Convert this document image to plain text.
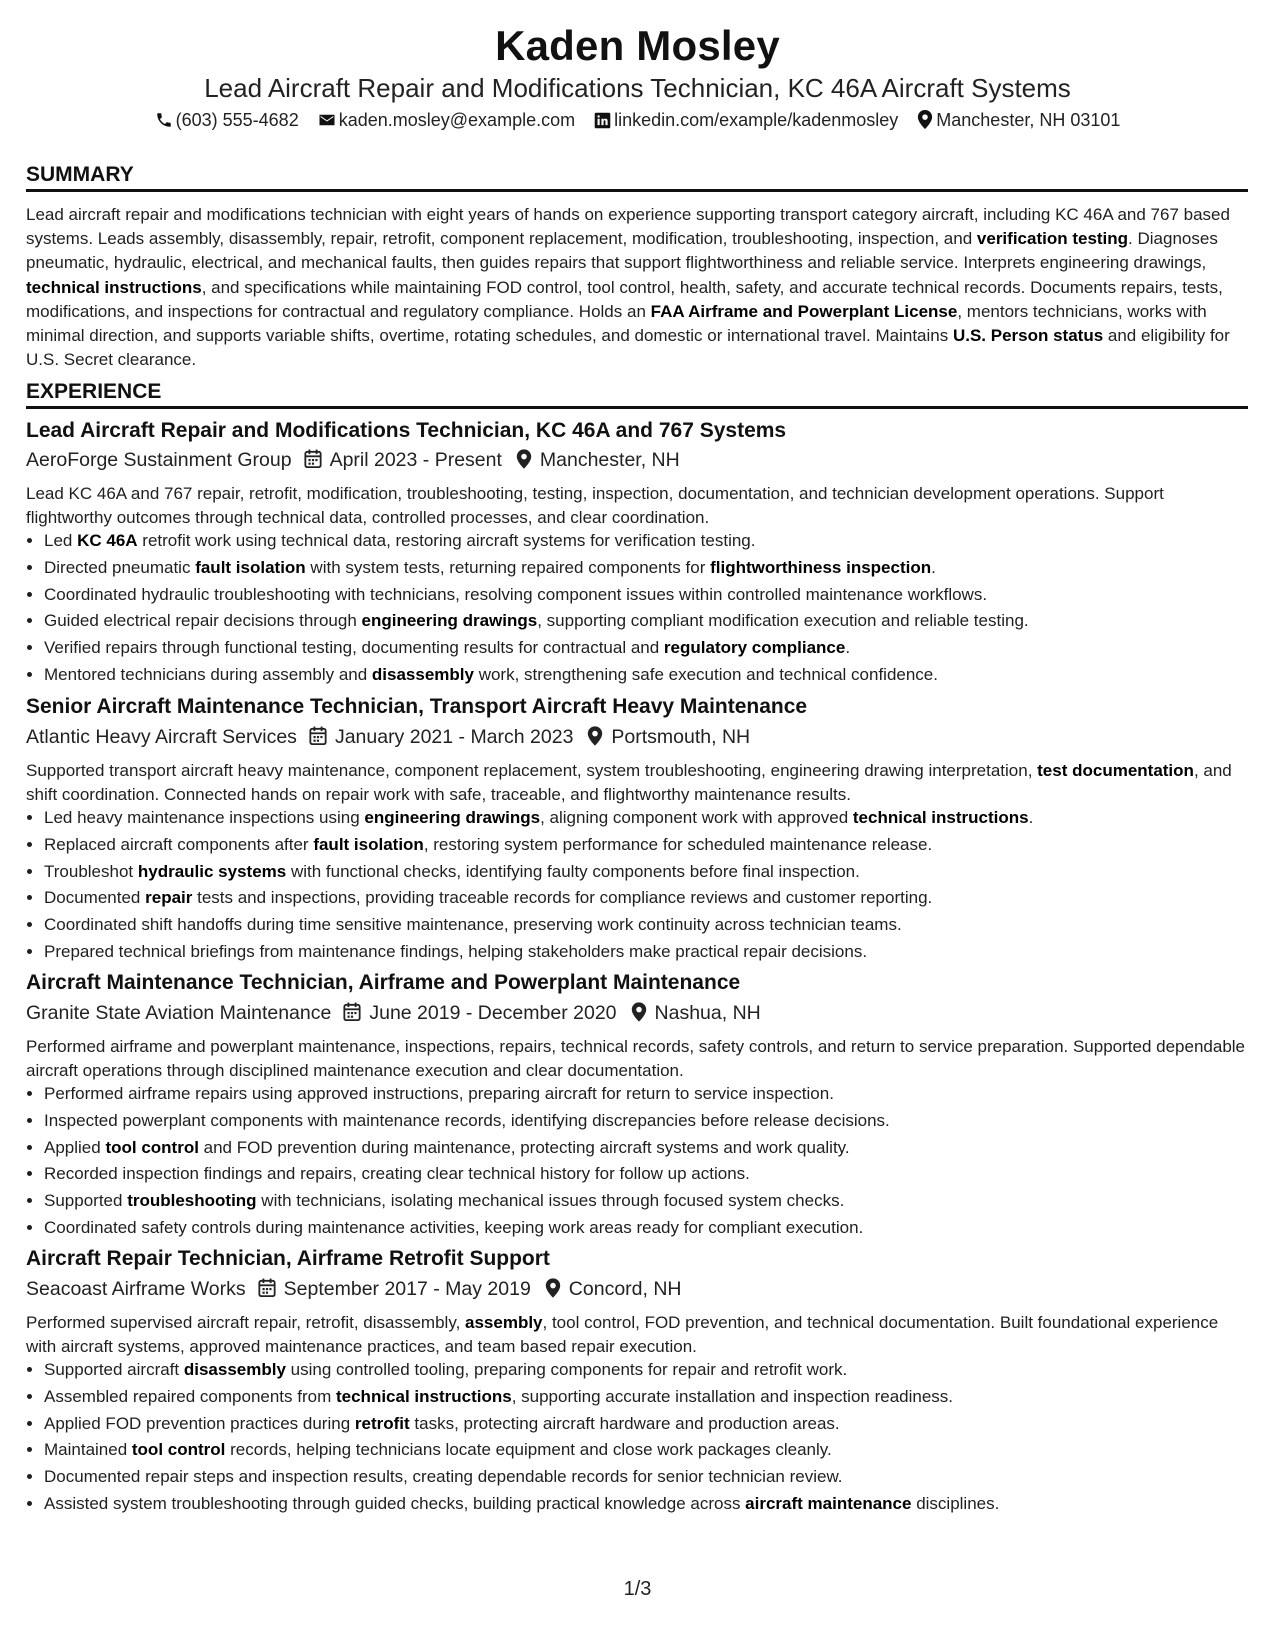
Kaden Mosley
Lead Aircraft Repair and Modifications Technician, KC 46A Aircraft Systems
(603) 555-4682 kaden.mosley@example.com linkedin.com/example/kadenmosley Manchester, NH 03101
SUMMARY
Lead aircraft repair and modifications technician with eight years of hands on experience supporting transport category aircraft, including KC 46A and 767 based systems. Leads assembly, disassembly, repair, retrofit, component replacement, modification, troubleshooting, inspection, and verification testing. Diagnoses pneumatic, hydraulic, electrical, and mechanical faults, then guides repairs that support flightworthiness and reliable service. Interprets engineering drawings, technical instructions, and specifications while maintaining FOD control, tool control, health, safety, and accurate technical records. Documents repairs, tests, modifications, and inspections for contractual and regulatory compliance. Holds an FAA Airframe and Powerplant License, mentors technicians, works with minimal direction, and supports variable shifts, overtime, rotating schedules, and domestic or international travel. Maintains U.S. Person status and eligibility for U.S. Secret clearance.
EXPERIENCE
Lead Aircraft Repair and Modifications Technician, KC 46A and 767 Systems
AeroForge Sustainment Group April 2023 - Present Manchester, NH
Lead KC 46A and 767 repair, retrofit, modification, troubleshooting, testing, inspection, documentation, and technician development operations. Support flightworthy outcomes through technical data, controlled processes, and clear coordination.
• Led KC 46A retrofit work using technical data, restoring aircraft systems for verification testing.
• Directed pneumatic fault isolation with system tests, returning repaired components for flightworthiness inspection.
• Coordinated hydraulic troubleshooting with technicians, resolving component issues within controlled maintenance workflows.
• Guided electrical repair decisions through engineering drawings, supporting compliant modification execution and reliable testing.
• Verified repairs through functional testing, documenting results for contractual and regulatory compliance.
• Mentored technicians during assembly and disassembly work, strengthening safe execution and technical confidence.
Senior Aircraft Maintenance Technician, Transport Aircraft Heavy Maintenance
Atlantic Heavy Aircraft Services January 2021 - March 2023 Portsmouth, NH
Supported transport aircraft heavy maintenance, component replacement, system troubleshooting, engineering drawing interpretation, test documentation, and shift coordination. Connected hands on repair work with safe, traceable, and flightworthy maintenance results.
• Led heavy maintenance inspections using engineering drawings, aligning component work with approved technical instructions.
• Replaced aircraft components after fault isolation, restoring system performance for scheduled maintenance release.
• Troubleshot hydraulic systems with functional checks, identifying faulty components before final inspection.
• Documented repair tests and inspections, providing traceable records for compliance reviews and customer reporting.
• Coordinated shift handoffs during time sensitive maintenance, preserving work continuity across technician teams.
• Prepared technical briefings from maintenance findings, helping stakeholders make practical repair decisions.
Aircraft Maintenance Technician, Airframe and Powerplant Maintenance
Granite State Aviation Maintenance June 2019 - December 2020 Nashua, NH
Performed airframe and powerplant maintenance, inspections, repairs, technical records, safety controls, and return to service preparation. Supported dependable aircraft operations through disciplined maintenance execution and clear documentation.
• Performed airframe repairs using approved instructions, preparing aircraft for return to service inspection.
• Inspected powerplant components with maintenance records, identifying discrepancies before release decisions.
• Applied tool control and FOD prevention during maintenance, protecting aircraft systems and work quality.
• Recorded inspection findings and repairs, creating clear technical history for follow up actions.
• Supported troubleshooting with technicians, isolating mechanical issues through focused system checks.
• Coordinated safety controls during maintenance activities, keeping work areas ready for compliant execution.
Aircraft Repair Technician, Airframe Retrofit Support
Seacoast Airframe Works September 2017 - May 2019 Concord, NH
Performed supervised aircraft repair, retrofit, disassembly, assembly, tool control, FOD prevention, and technical documentation. Built foundational experience with aircraft systems, approved maintenance practices, and team based repair execution.
• Supported aircraft disassembly using controlled tooling, preparing components for repair and retrofit work.
• Assembled repaired components from technical instructions, supporting accurate installation and inspection readiness.
• Applied FOD prevention practices during retrofit tasks, protecting aircraft hardware and production areas.
• Maintained tool control records, helping technicians locate equipment and close work packages cleanly.
• Documented repair steps and inspection results, creating dependable records for senior technician review.
• Assisted system troubleshooting through guided checks, building practical knowledge across aircraft maintenance disciplines.
1/3
